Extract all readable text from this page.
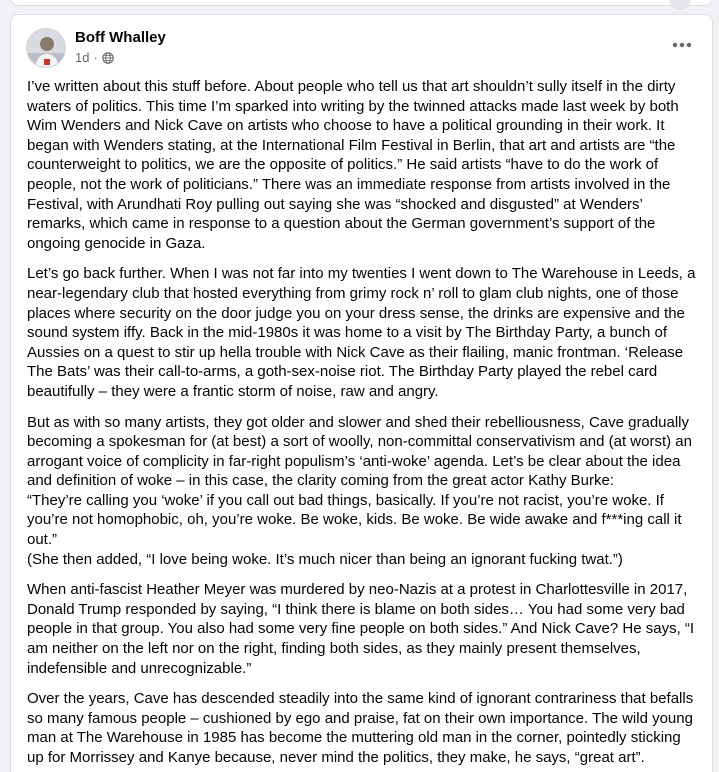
Boff Whalley
1d ·

I’ve written about this stuff before. About people who tell us that art shouldn’t sully itself in the dirty waters of politics. This time I’m sparked into writing by the twinned attacks made last week by both Wim Wenders and Nick Cave on artists who choose to have a political grounding in their work. It began with Wenders stating, at the International Film Festival in Berlin, that art and artists are “the counterweight to politics, we are the opposite of politics.” He said artists “have to do the work of people, not the work of politicians.” There was an immediate response from artists involved in the Festival, with Arundhati Roy pulling out saying she was “shocked and disgusted” at Wenders’ remarks, which came in response to a question about the German government’s support of the ongoing genocide in Gaza.

Let’s go back further. When I was not far into my twenties I went down to The Warehouse in Leeds, a near-legendary club that hosted everything from grimy rock n’ roll to glam club nights, one of those places where security on the door judge you on your dress sense, the drinks are expensive and the sound system iffy. Back in the mid-1980s it was home to a visit by The Birthday Party, a bunch of Aussies on a quest to stir up hella trouble with Nick Cave as their flailing, manic frontman. ‘Release The Bats’ was their call-to-arms, a goth-sex-noise riot. The Birthday Party played the rebel card beautifully – they were a frantic storm of noise, raw and angry.

But as with so many artists, they got older and slower and shed their rebelliousness, Cave gradually becoming a spokesman for (at best) a sort of woolly, non-committal conservativism and (at worst) an arrogant voice of complicity in far-right populism’s ‘anti-woke’ agenda. Let’s be clear about the idea and definition of woke – in this case, the clarity coming from the great actor Kathy Burke:
“They’re calling you ‘woke’ if you call out bad things, basically. If you’re not racist, you’re woke. If you’re not homophobic, oh, you’re woke. Be woke, kids. Be woke. Be wide awake and f***ing call it out.”
(She then added, “I love being woke. It’s much nicer than being an ignorant fucking twat.”)

When anti-fascist Heather Meyer was murdered by neo-Nazis at a protest in Charlottesville in 2017, Donald Trump responded by saying, “I think there is blame on both sides… You had some very bad people in that group. You also had some very fine people on both sides.” And Nick Cave? He says, “I am neither on the left nor on the right, finding both sides, as they mainly present themselves, indefensible and unrecognizable.”

Over the years, Cave has descended steadily into the same kind of ignorant contrariness that befalls so many famous people – cushioned by ego and praise, fat on their own importance. The wild young man at The Warehouse in 1985 has become the muttering old man in the corner, pointedly sticking up for Morrissey and Kanye because, never mind the politics, they make, he says, “great art”.
